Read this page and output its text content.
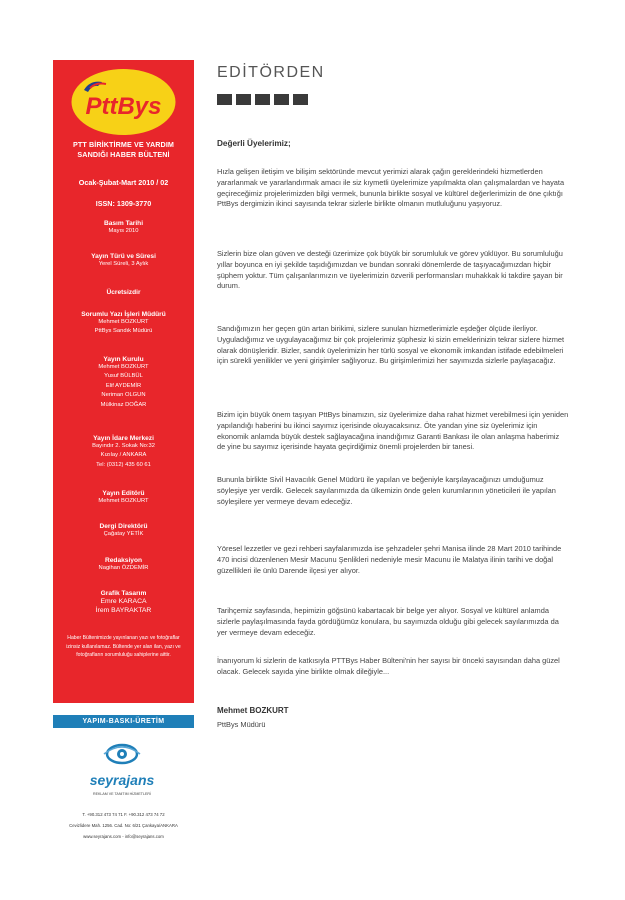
PttBys
PTT BİRİKTİRME VE YARDIM
SANDIĞI HABER BÜLTENİ
Ocak-Şubat-Mart 2010 / 02
ISSN: 1309-3770
Basım Tarihi
Mayıs 2010
Yayın Türü ve Süresi
Yerel Süreli, 3 Aylık
Ücretsizdir
Sorumlu Yazı İşleri Müdürü
Mehmet BOZKURT
PttBys Sandık Müdürü
Yayın Kurulu
Mehmet BOZKURT
Yusuf BÜLBÜL
Elif AYDEMİR
Neriman OLGUN
Mülkinaz DOĞAR
Yayın İdare Merkezi
Bayındır 2. Sokak No:32
Kızılay / ANKARA
Tel: (0312) 435 60 61
Yayın Editörü
Mehmet BOZKURT
Dergi Direktörü
Çağatay YETİK
Redaksiyon
Nagihan ÖZDEMİR
Grafik Tasarım
Emre KARACA
İrem BAYRAKTAR
Haber Bültenimizde yayınlanan yazı ve fotoğraflar izinsiz kullanılamaz. Bültende yer alan ilan, yazı ve fotoğrafların sorumluluğu sahiplerine aittir.
YAPIM-BASKI-ÜRETİM
seyrajans
REKLAM VE TANITIM HİZMETLERİ
T. +90.312 473 74 71 F. +90.312 473 74 72
Cevizlidere Mah. 1256. Cad. No: 6/21 Çankaya/ANKARA
www.seyrajans.com - info@seyrajans.com
EDİTÖRDEN
Değerli Üyelerimiz;
Hızla gelişen iletişim ve bilişim sektöründe mevcut yerimizi alarak çağın gereklerindeki hizmetlerden yararlanmak ve yararlandırmak amacı ile siz kıymetli üyelerimize yapılmakta olan çalışmalardan ve hayata geçireceğimiz projelerimizden bilgi vermek, bununla birlikte sosyal ve kültürel değerlerimizin de öne çıktığı PttBys dergimizin ikinci sayısında tekrar sizlerle birlikte olmanın mutluluğunu yaşıyoruz.
Sizlerin bize olan güven ve desteği üzerimize çok büyük bir sorumluluk ve görev yüklüyor. Bu sorumluluğu yıllar boyunca en iyi şekilde taşıdığımızdan ve bundan sonraki dönemlerde de taşıyacağımızdan hiçbir şüphem yoktur. Tüm çalışanlarımızın ve üyelerimizin özverili performansları muhakkak ki takdire şayan bir durum.
Sandığımızın her geçen gün artan birikimi, sizlere sunulan hizmetlerimizle eşdeğer ölçüde ilerliyor. Uyguladığımız ve uygulayacağımız bir çok projelerimiz şüphesiz ki sizin emeklerinizin tekrar sizlere hizmet olarak dönüşleridir. Bizler, sandık üyelerimizin her türlü sosyal ve ekonomik imkandan istifade edebilmeleri için sürekli yenilikler ve yeni girişimler sağlıyoruz. Bu girişimlerimizi her sayımızda sizlerle paylaşacağız.
Bizim için büyük önem taşıyan PttBys binamızın, siz üyelerimize daha rahat hizmet verebilmesi için yeniden yapılandığı haberini bu ikinci sayımız içerisinde okuyacaksınız. Öte yandan yine siz üyelerimiz için ekonomik anlamda büyük destek sağlayacağına inandığımız Garanti Bankası ile olan anlaşma haberimiz de yine bu sayımız içerisinde hayata geçirdiğimiz önemli projelerden bir tanesi.
Bununla birlikte Sivil Havacılık Genel Müdürü ile yapılan ve beğeniyle karşılayacağınızı umduğumuz söyleşiye yer verdik. Gelecek sayılarımızda da ülkemizin önde gelen kurumlarının yöneticileri ile yapılan söyleşilere yer vermeye devam edeceğiz.
Yöresel lezzetler ve gezi rehberi sayfalarımızda ise şehzadeler şehri Manisa ilinde 28 Mart 2010 tarihinde 470 incisi düzenlenen Mesir Macunu Şenlikleri nedeniyle mesir Macunu ile Malatya ilinin tarihi ve doğal güzellikleri ile ünlü Darende ilçesi yer alıyor.
Tarihçemiz sayfasında, hepimizin göğsünü kabartacak bir belge yer alıyor. Sosyal ve kültürel anlamda sizlerle paylaşılmasında fayda gördüğümüz konulara, bu sayımızda olduğu gibi gelecek sayılarımızda da yer vermeye devam edeceğiz.
İnanıyorum ki sizlerin de katkısıyla PTTBys Haber Bülteni'nin her sayısı bir önceki sayısından daha güzel olacak. Gelecek sayıda yine birlikte olmak dileğiyle...
Mehmet BOZKURT
PttBys Müdürü
